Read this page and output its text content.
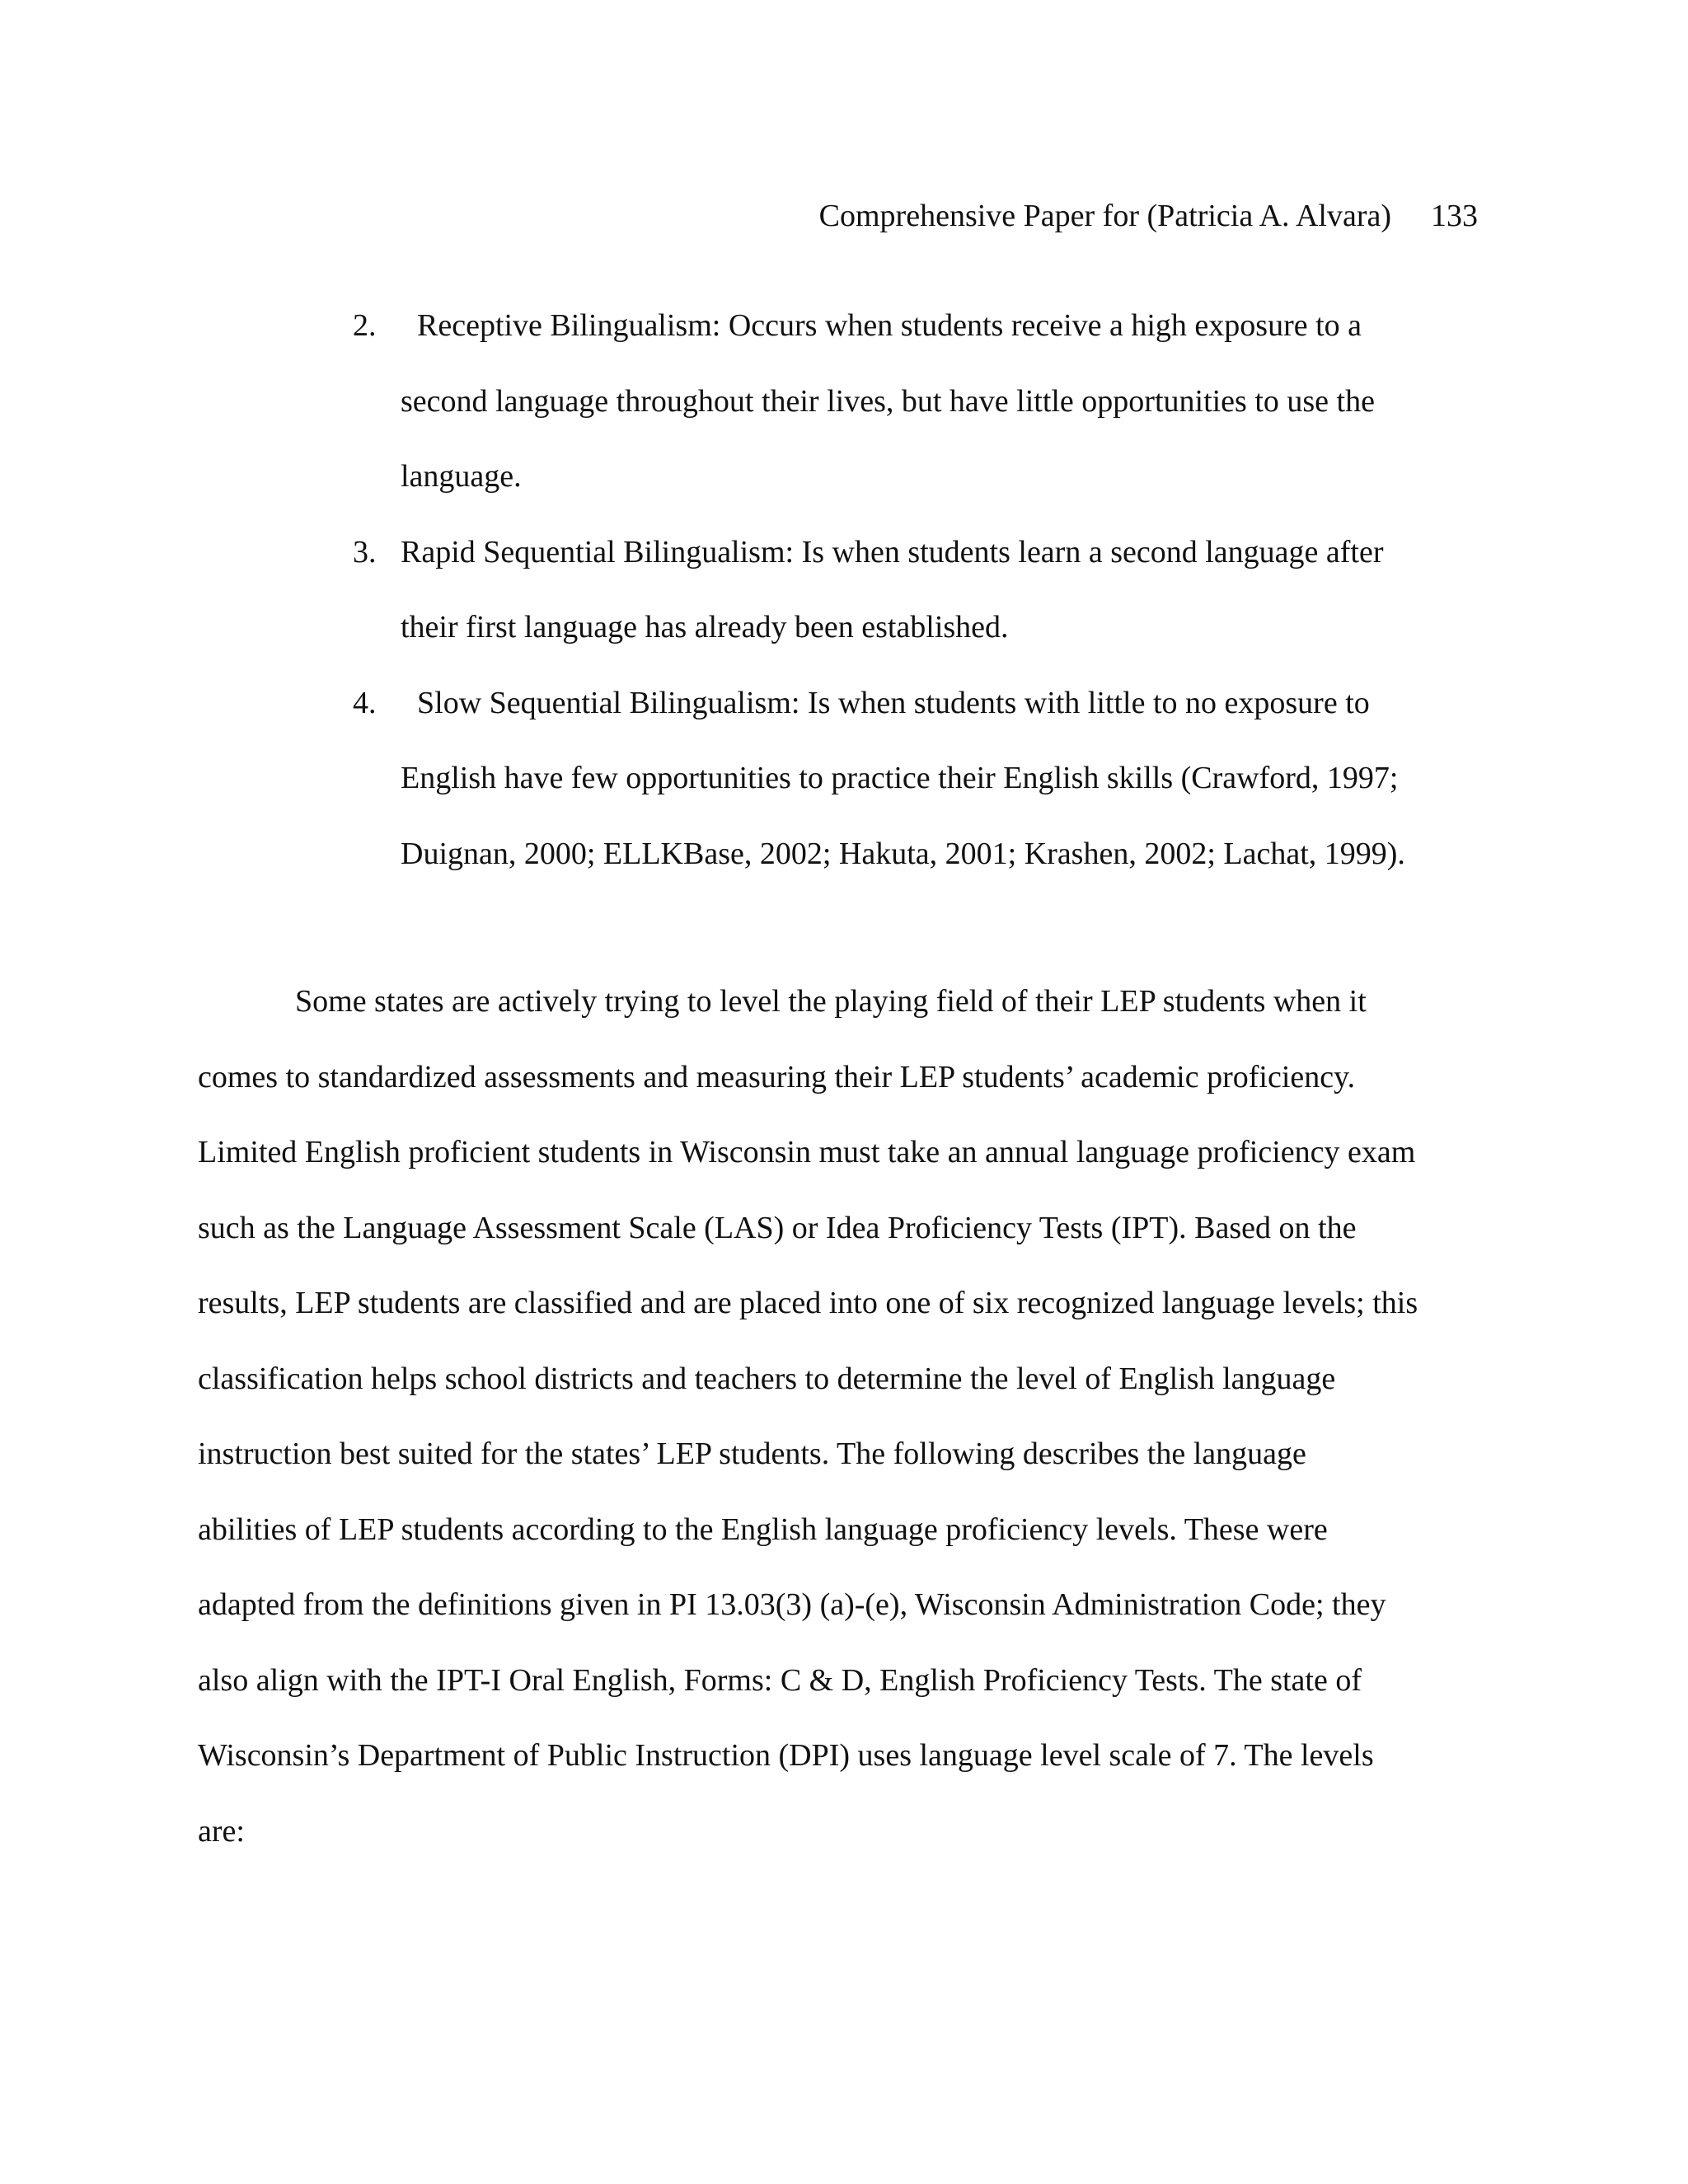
Comprehensive Paper for (Patricia A. Alvara) 133
2.	Receptive Bilingualism: Occurs when students receive a high exposure to a
second language throughout their lives, but have little opportunities to use the
language.
3. Rapid Sequential Bilingualism: Is when students learn a second language after
their first language has already been established.
4.	Slow Sequential Bilingualism: Is when students with little to no exposure to
English have few opportunities to practice their English skills (Crawford, 1997;
Duignan, 2000; ELLKBase, 2002; Hakuta, 2001; Krashen, 2002; Lachat, 1999).
Some states are actively trying to level the playing field of their LEP students when it
comes to standardized assessments and measuring their LEP students’ academic proficiency.
Limited English proficient students in Wisconsin must take an annual language proficiency exam
such as the Language Assessment Scale (LAS) or Idea Proficiency Tests (IPT). Based on the
results, LEP students are classified and are placed into one of six recognized language levels; this
classification helps school districts and teachers to determine the level of English language
instruction best suited for the states’ LEP students. The following describes the language
abilities of LEP students according to the English language proficiency levels. These were
adapted from the definitions given in PI 13.03(3) (a)-(e), Wisconsin Administration Code; they
also align with the IPT-I Oral English, Forms: C & D, English Proficiency Tests. The state of
Wisconsin’s Department of Public Instruction (DPI) uses language level scale of 7. The levels
are:
